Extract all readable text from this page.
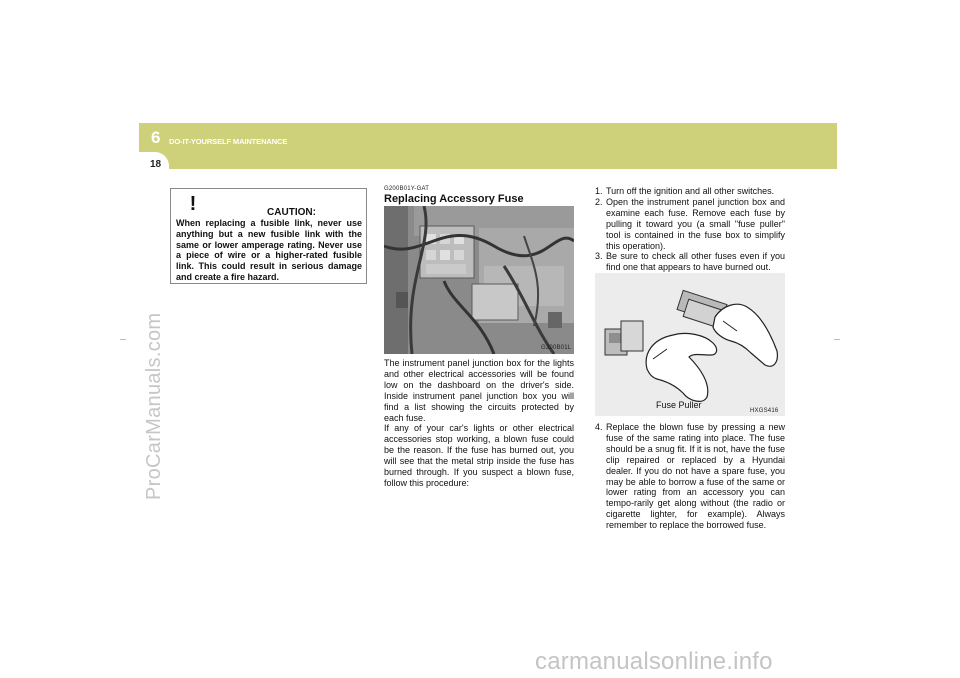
6 DO-IT-YOURSELF MAINTENANCE
18
ProCarManuals.com
carmanualsonline.info
CAUTION:
When replacing a fusible link, never use anything but a new fusible link with the same or lower amperage rating. Never use a piece of wire or a higher-rated fusible link. This could result in serious damage and create a fire hazard.
!
G200B01Y-GAT
Replacing Accessory Fuse
G200B01L
The instrument panel junction box for the lights and other electrical accessories will be found low on the dashboard on the driver's side. Inside instrument panel junction box you will find a list showing the circuits protected by each fuse.
If any of your car's lights or other electrical accessories stop working, a blown fuse could be the reason. If the fuse has burned out, you will see that the metal strip inside the fuse has burned through. If you suspect a blown fuse, follow this procedure:
1. Turn off the ignition and all other switches.
2. Open the instrument panel junction box and examine each fuse. Remove each fuse by pulling it toward you (a small "fuse puller" tool is contained in the fuse box to simplify this operation).
3. Be sure to check all other fuses even if you find one that appears to have burned out.
Fuse Puller
HXGS416
4. Replace the blown fuse by pressing a new fuse of the same rating into place. The fuse should be a snug fit. If it is not, have the fuse clip repaired or replaced by a Hyundai dealer. If you do not have a spare fuse, you may be able to borrow a fuse of the same or lower rating from an accessory you can tempo-rarily get along without (the radio or cigarette lighter, for example). Always remember to replace the borrowed fuse.
